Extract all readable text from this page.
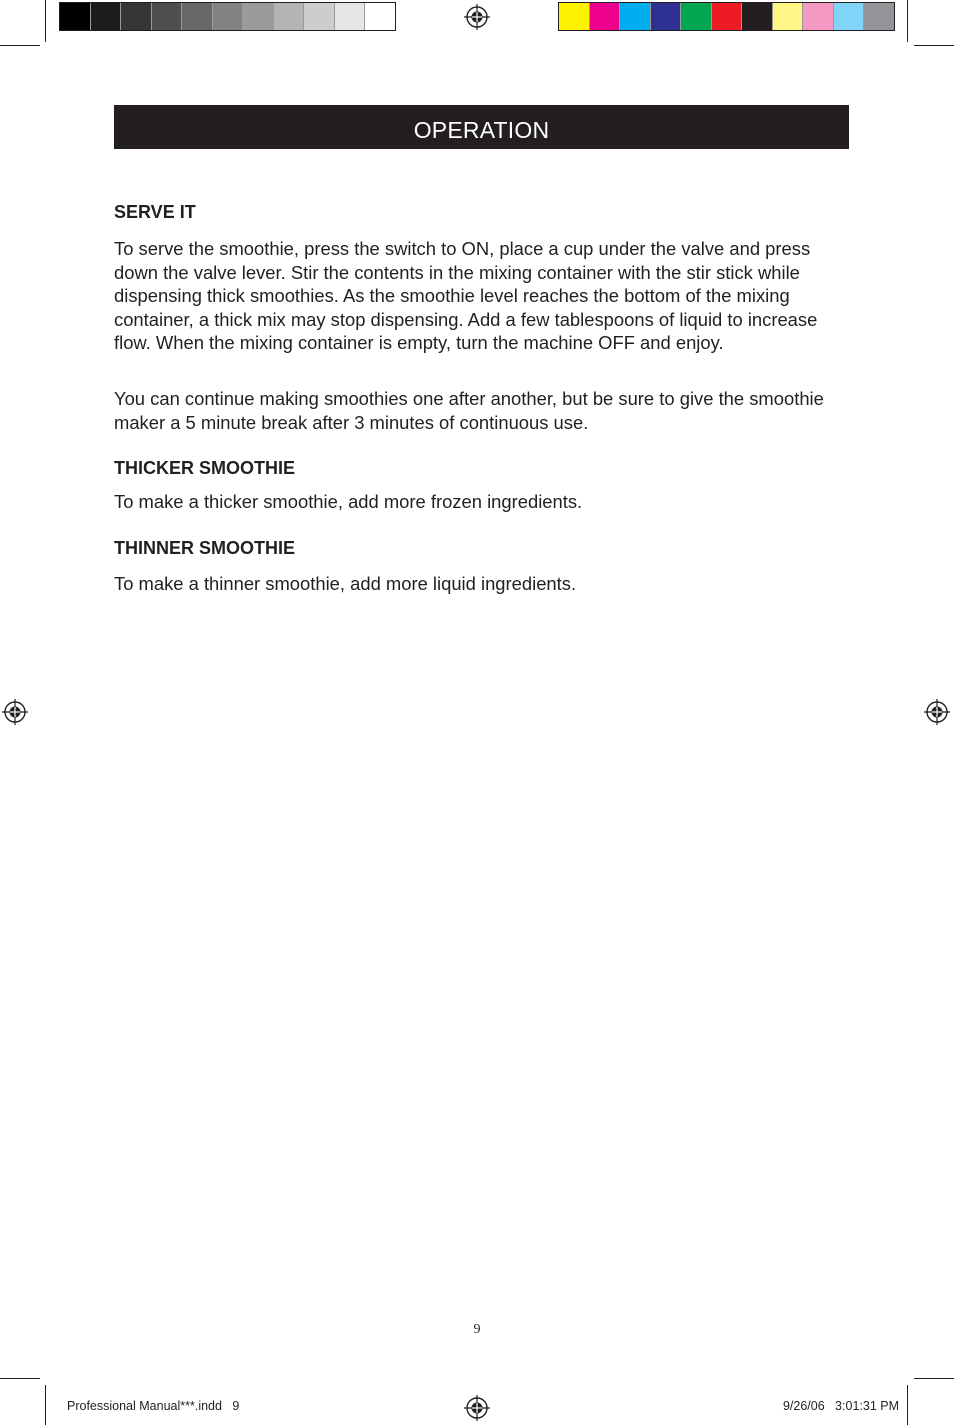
OPERATION
SERVE IT

To serve the smoothie, press the switch to ON, place a cup under the valve and press down the valve lever. Stir the contents in the mixing container with the stir stick while dispensing thick smoothies. As the smoothie level reaches the bottom of the mixing container, a thick mix may stop dispensing. Add a few tablespoons of liquid to increase flow. When the mixing container is empty, turn the machine OFF and enjoy.

You can continue making smoothies one after another, but be sure to give the smoothie maker a 5 minute break after 3 minutes of continuous use.

THICKER SMOOTHIE

To make a thicker smoothie, add more frozen ingredients.

THINNER SMOOTHIE

To make a thinner smoothie, add more liquid ingredients.

9
Professional Manual***.indd   9	9/26/06   3:01:31 PM
